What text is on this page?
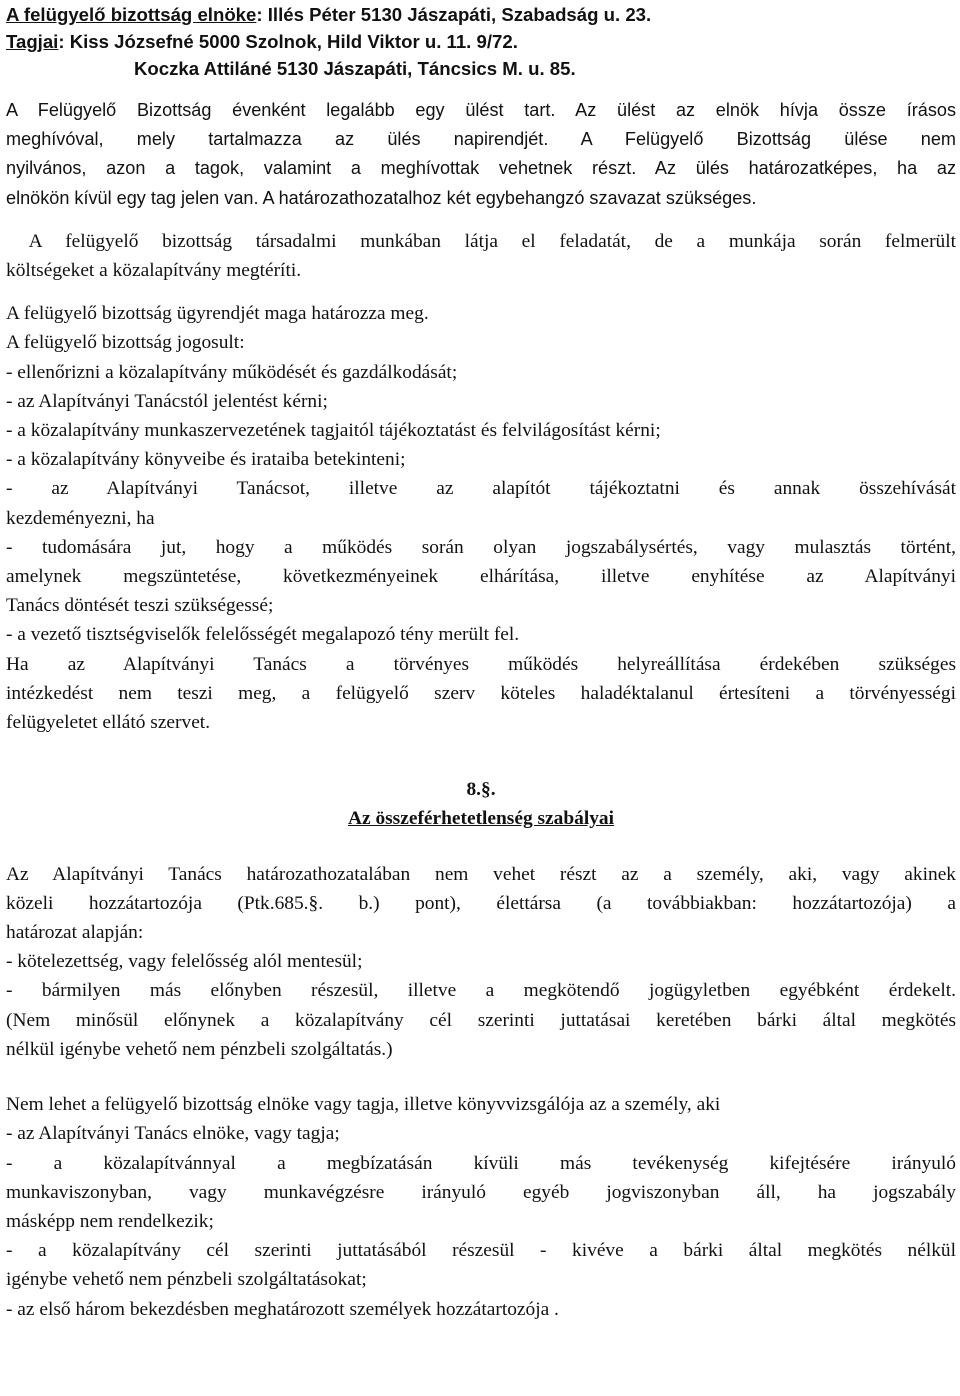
A felügyelő bizottság elnöke: Illés Péter 5130 Jászapáti, Szabadság u. 23.

Tagjai: Kiss Józsefné 5000 Szolnok, Hild Viktor u. 11. 9/72.

Koczka Attiláné 5130 Jászapáti, Táncsics M. u. 85.

A Felügyelő Bizottság évenként legalább egy ülést tart. Az ülést az elnök hívja össze írásos
meghívóval, mely tartalmazza az ülés napirendjét. A Felügyelő Bizottság ülése nem
nyilvános, azon a tagok, valamint a meghívottak vehetnek részt. Az ülés határozatképes, ha az
elnökön kívül egy tag jelen van. A határozathozatalhoz két egybehangzó szavazat szükséges.
A felügyelő bizottság társadalmi munkában látja el feladatát, de a munkája során felmerült
költségeket a közalapítvány megtéríti.
A felügyelő bizottság ügyrendjét maga határozza meg.
A felügyelő bizottság jogosult:
- ellenőrizni a közalapítvány működését és gazdálkodását;
- az Alapítványi Tanácstól jelentést kérni;
- a közalapítvány munkaszervezetének tagjaitól tájékoztatást és felvilágosítást kérni;
- a közalapítvány könyveibe és irataiba betekinteni;
- az Alapítványi Tanácsot, illetve az alapítót tájékoztatni és annak összehívását
kezdeményezni, ha
- tudomására jut, hogy a működés során olyan jogszabálysértés, vagy mulasztás történt,
amelynek megszüntetése, következményeinek elhárítása, illetve enyhítése az Alapítványi
Tanács döntését teszi szükségessé;
- a vezető tisztségviselők felelősségét megalapozó tény merült fel.
Ha az Alapítványi Tanács a törvényes működés helyreállítása érdekében szükséges
intézkedést nem teszi meg, a felügyelő szerv köteles haladéktalanul értesíteni a törvényességi
felügyeletet ellátó szervet.

8.§.

Az összeférhetetlenség szabályai

Az Alapítványi Tanács határozathozatalában nem vehet részt az a személy, aki, vagy akinek
közeli hozzátartozója (Ptk.685.§. b.) pont), élettársa (a továbbiakban: hozzátartozója) a
határozat alapján:
- kötelezettség, vagy felelősség alól mentesül;
- bármilyen más előnyben részesül, illetve a megkötendő jogügyletben egyébként érdekelt.
(Nem minősül előnynek a közalapítvány cél szerinti juttatásai keretében bárki által megkötés
nélkül igénybe vehető nem pénzbeli szolgáltatás.)
Nem lehet a felügyelő bizottság elnöke vagy tagja, illetve könyvvizsgálója az a személy, aki
- az Alapítványi Tanács elnöke, vagy tagja;
- a közalapítvánnyal a megbízatásán kívüli más tevékenység kifejtésére irányuló
munkaviszonyban, vagy munkavégzésre irányuló egyéb jogviszonyban áll, ha jogszabály
másképp nem rendelkezik;
- a közalapítvány cél szerinti juttatásából részesül - kivéve a bárki által megkötés nélkül
igénybe vehető nem pénzbeli szolgáltatásokat;
- az első három bekezdésben meghatározott személyek hozzátartozója .
